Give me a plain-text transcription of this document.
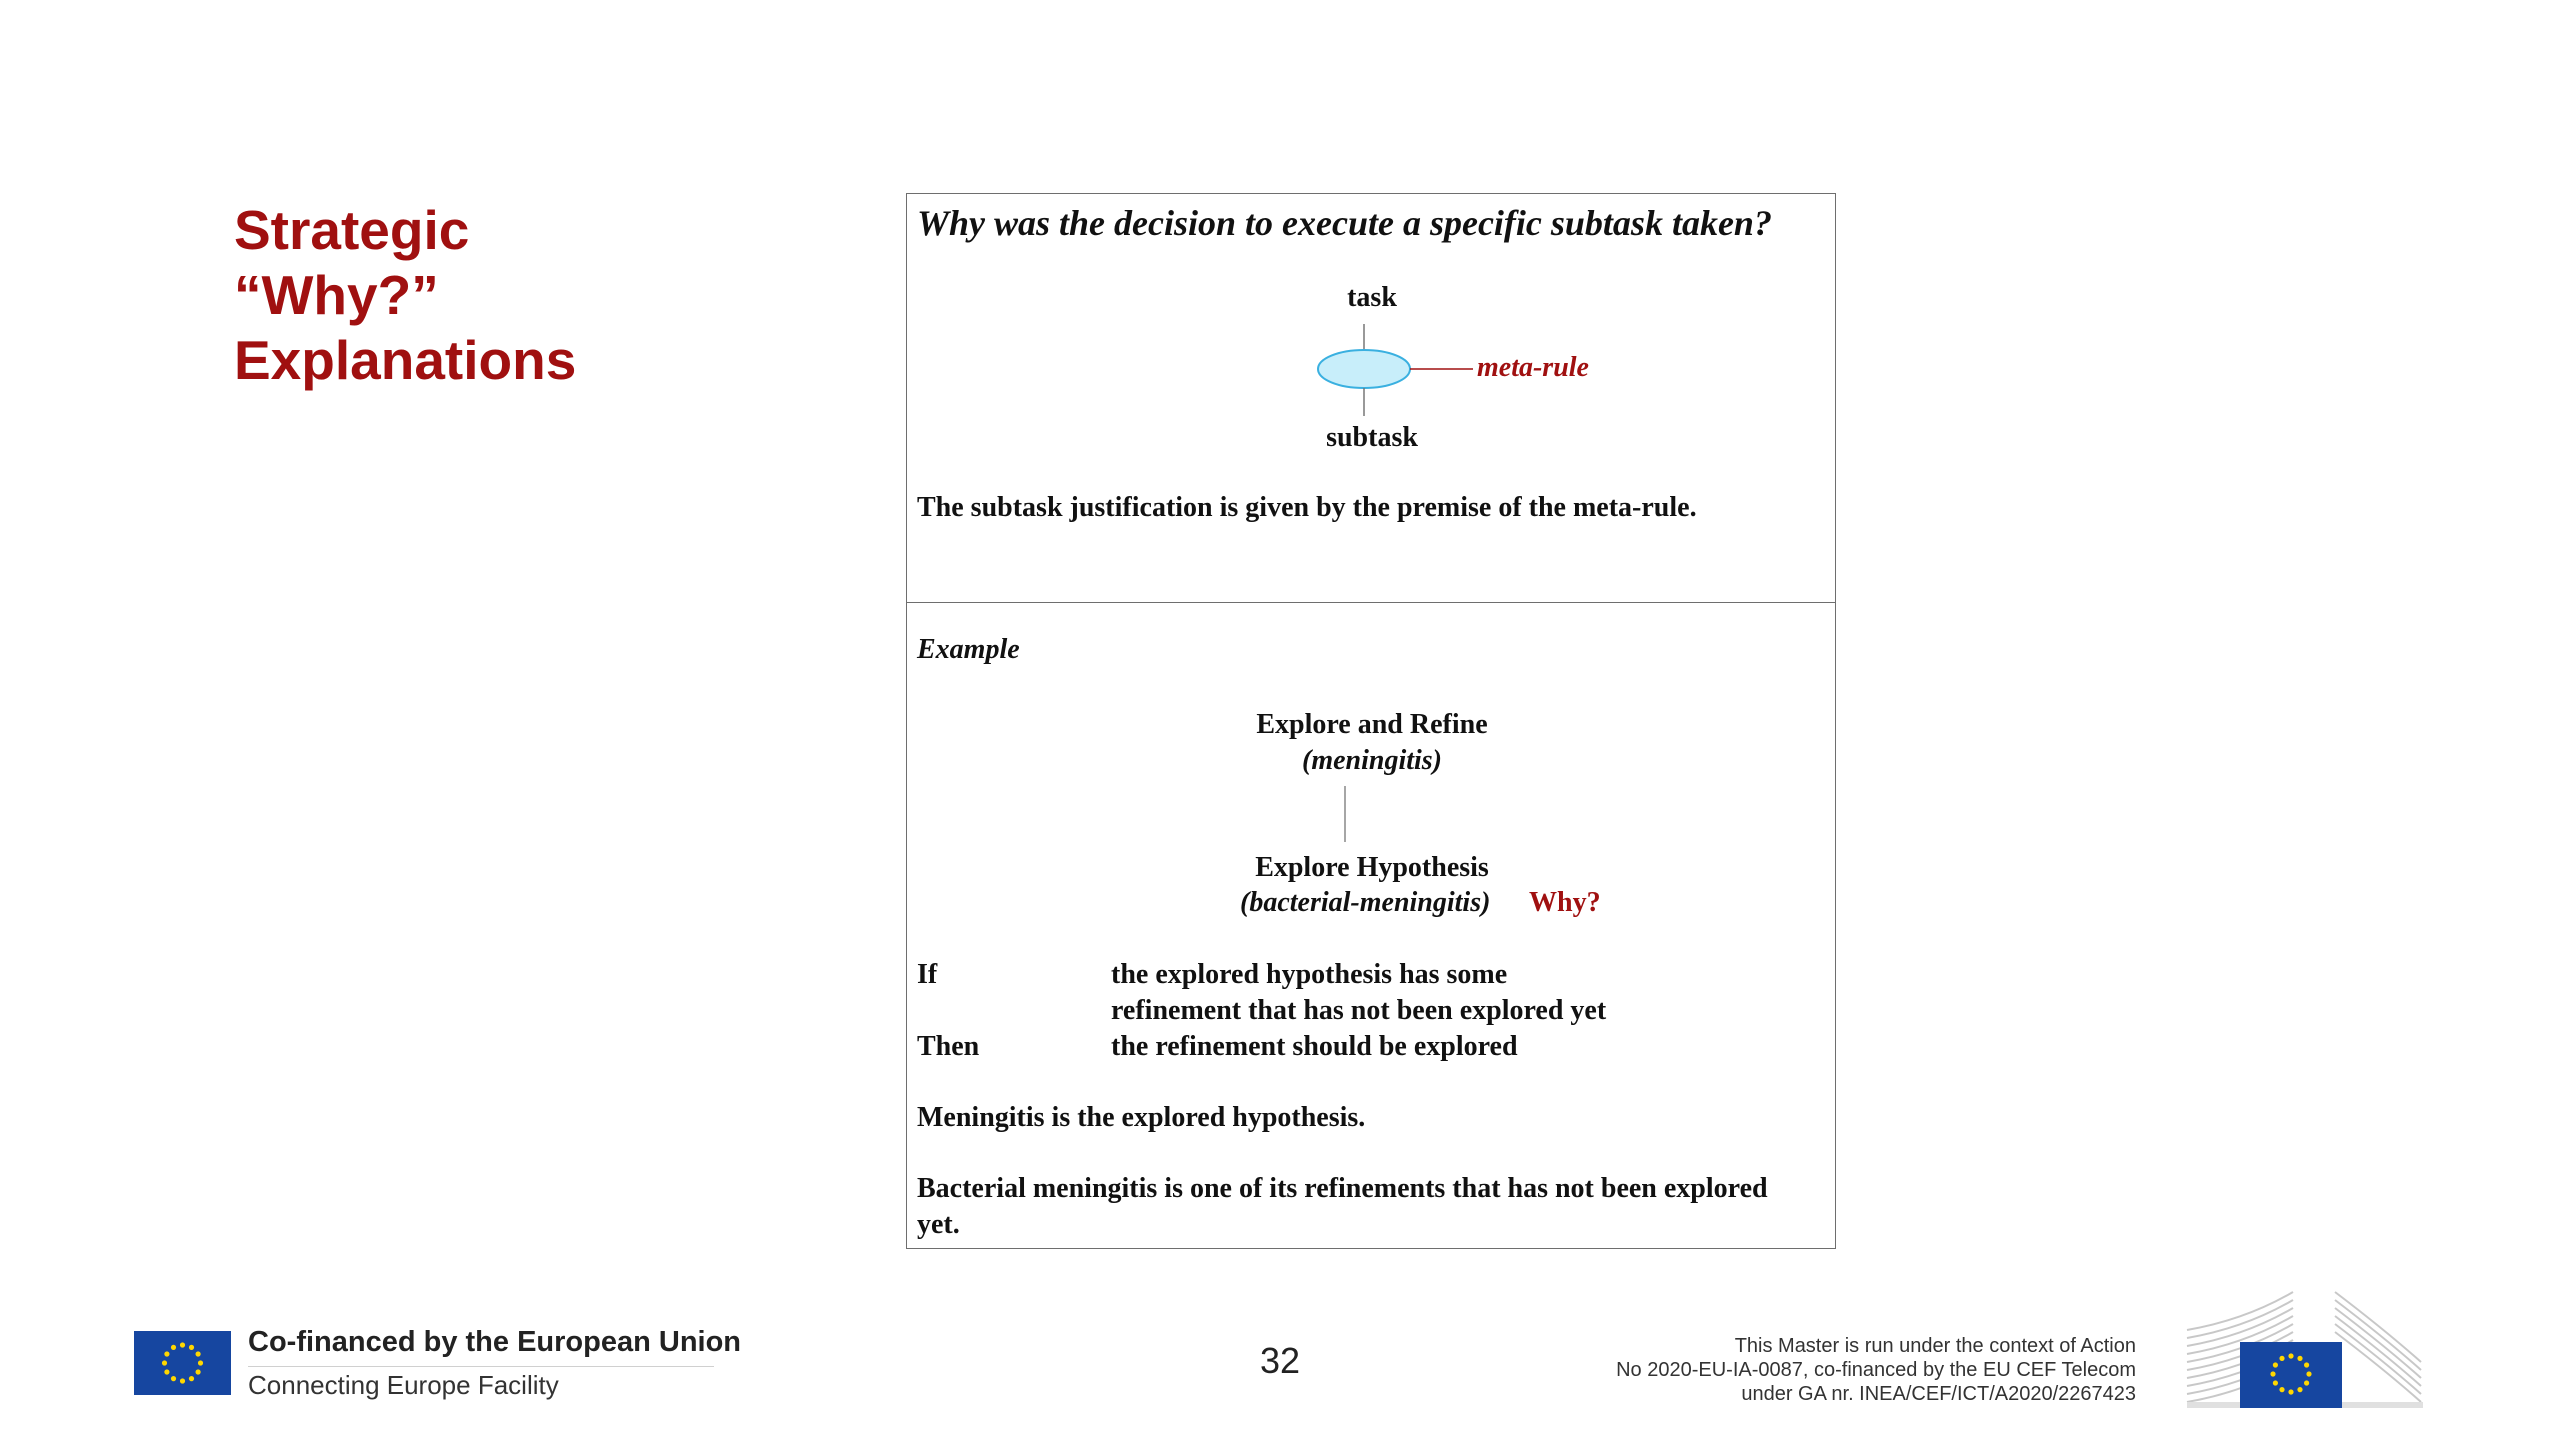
Strategic
“Why?”
Explanations
Why was the decision to execute a specific subtask taken?
task
meta-rule
subtask
The subtask justification is given by the premise of the meta-rule.
Example
Explore and Refine
(meningitis)
Explore Hypothesis
(bacterial-meningitis) Why?
If	the explored hypothesis has some
refinement that has not been explored yet
Then	the refinement should be explored
Meningitis is the explored hypothesis.
Bacterial meningitis is one of its refinements that has not been explored
yet.
Co-financed by the European Union
Connecting Europe Facility
32	This Master is run under the context of Action
No 2020-EU-IA-0087, co-financed by the EU CEF Telecom
under GA nr. INEA/CEF/ICT/A2020/2267423
